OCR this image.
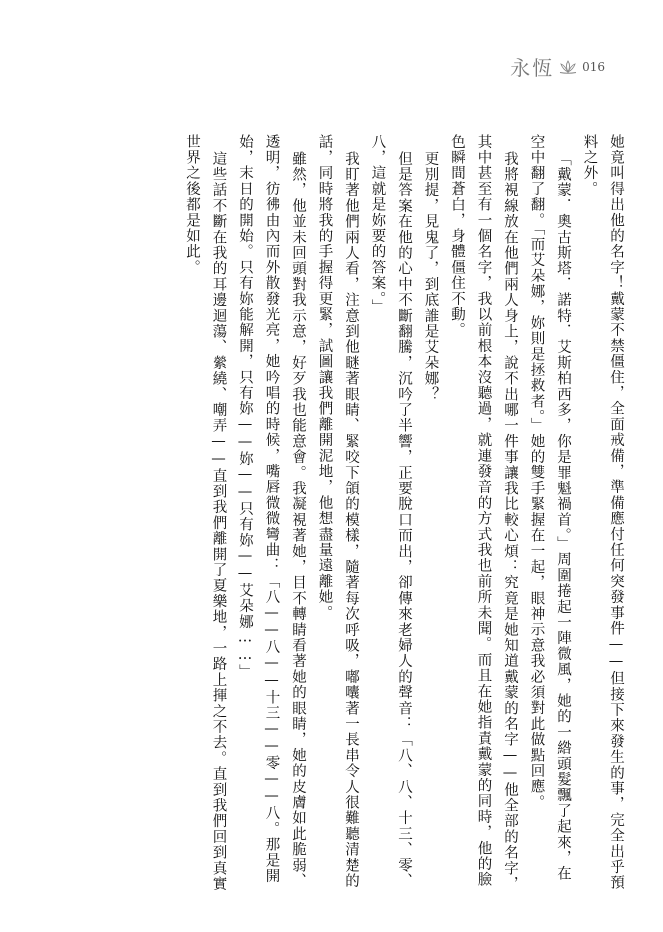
永恆 016

她竟叫得出他的名字！戴蒙不禁僵住，全面戒備，準備應付任何突發事件——但接下來發生的事，完全出乎預料之外。

「戴蒙．奧古斯塔．諾特．艾斯柏西多，你是罪魁禍首。」周圍捲起一陣微風，她的一綹頭髮飄了起來，在空中翻了翻。「而艾朵娜，妳則是拯救者。」她的雙手緊握在一起，眼神示意我必須對此做點回應。

我將視線放在他們兩人身上，說不出哪一件事讓我比較心煩：究竟是她知道戴蒙的名字——他全部的名字，其中甚至有一個名字，我以前根本沒聽過，就連發音的方式我也前所未聞。而且在她指責戴蒙的同時，他的臉色瞬間蒼白，身體僵住不動。

更別提，見鬼了，到底誰是艾朵娜？

但是答案在他的心中不斷翻騰，沉吟了半響，正要脫口而出，卻傳來老婦人的聲音：「八、八、十三、零、八，這就是妳要的答案。」

我盯著他們兩人看，注意到他瞇著眼睛、緊咬下頜的模樣，隨著每次呼吸，嘟囔著一長串令人很難聽清楚的話，同時將我的手握得更緊，試圖讓我們離開泥地，他想盡量遠離她。

雖然，他並未回頭對我示意，好歹我也能意會。我凝視著她，目不轉睛看著她的眼睛，她的皮膚如此脆弱、透明，彷彿由內而外散發光亮，她吟唱的時候，嘴唇微微彎曲：「八——八——十三——零——八。那是開始，末日的開始。只有妳能解開，只有妳——妳——只有妳——艾朵娜……」

這些話不斷在我的耳邊迴蕩、縈繞、嘲弄——直到我們離開了夏樂地，一路上揮之不去。直到我們回到真實世界之後都是如此。
